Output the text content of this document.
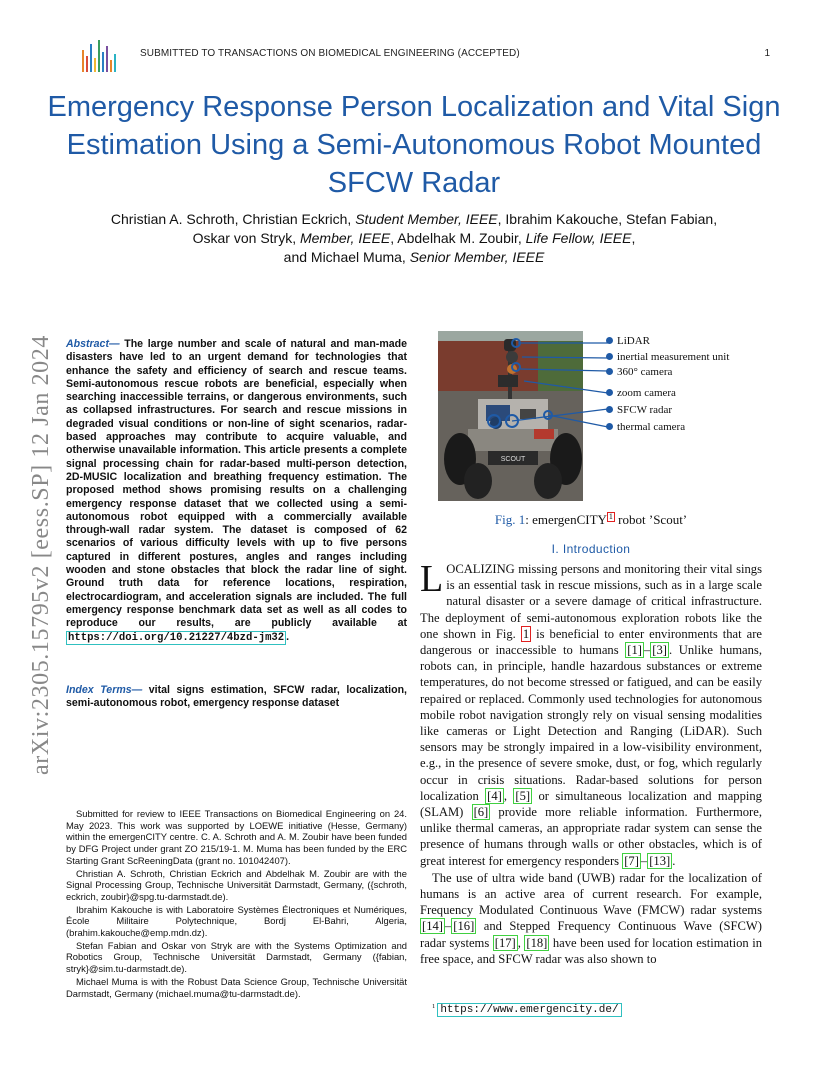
SUBMITTED TO TRANSACTIONS ON BIOMEDICAL ENGINEERING (ACCEPTED)	1
Emergency Response Person Localization and Vital Sign Estimation Using a Semi-Autonomous Robot Mounted SFCW Radar
Christian A. Schroth, Christian Eckrich, Student Member, IEEE, Ibrahim Kakouche, Stefan Fabian,
Oskar von Stryk, Member, IEEE, Abdelhak M. Zoubir, Life Fellow, IEEE,
and Michael Muma, Senior Member, IEEE
arXiv:2305.15795v2 [eess.SP] 12 Jan 2024	Abstract— The large number and scale of natural and man-made disasters have led to an urgent demand for technologies that enhance the safety and efficiency of search and rescue teams. Semi-autonomous rescue robots are beneficial, especially when searching inaccessible terrains, or dangerous environments, such as collapsed infrastructures. For search and rescue missions in degraded visual conditions or non-line of sight scenarios, radar-based approaches may contribute to acquire valuable, and otherwise unavailable information. This article presents a complete signal processing chain for radar-based multi-person detection, 2D-MUSIC localization and breathing frequency estimation. The proposed method shows promising results on a challenging emergency response dataset that we collected using a semi-autonomous robot equipped with a commercially available through-wall radar system. The dataset is composed of 62 scenarios of various difficulty levels with up to five persons captured in different postures, angles and ranges including wooden and stone obstacles that block the radar line of sight. Ground truth data for reference locations, respiration, electrocardiogram, and acceleration signals are included. The full emergency response benchmark data set as well as all codes to reproduce our results, are publicly available at https://doi.org/10.21227/4bzd-jm32 .
Index Terms— vital signs estimation, SFCW radar, localization, semi-autonomous robot, emergency response dataset

Submitted for review to IEEE Transactions on Biomedical Engineering on 24. May 2023. This work was supported by LOEWE initiative (Hesse, Germany) within the emergenCITY centre. C. A. Schroth and A. M. Zoubir have been funded by DFG Project under grant ZO 215/19-1. M. Muma has been funded by the ERC Starting Grant ScReeningData (grant no. 101042407).

Christian A. Schroth, Christian Eckrich and Abdelhak M. Zoubir are with the Signal Processing Group, Technische Universität Darmstadt, Germany, ({schroth, eckrich, zoubir}@spg.tu-darmstadt.de).

Ibrahim Kakouche is with Laboratoire Systèmes Électroniques et Numériques, École Militaire Polytechnique, Bordj El-Bahri, Algeria, (brahim.kakouche@emp.mdn.dz).

Stefan Fabian and Oskar von Stryk are with the Systems Optimization and Robotics Group, Technische Universität Darmstadt, Germany ({fabian, stryk}@sim.tu-darmstadt.de).

Michael Muma is with the Robust Data Science Group, Technische Universität Darmstadt, Germany (michael.muma@tu-darmstadt.de).

SCOUT
LiDAR
inertial measurement unit
360° camera
zoom camera
SFCW radar
thermal camera
Fig. 1: emergenCITY 1 robot ’Scout’
I. Introduction

LOCALIZING missing persons and monitoring their vital sings is an essential task in rescue missions, such as in a large scale natural disaster or a severe damage of critical infrastructure. The deployment of semi-autonomous exploration robots like the one shown in Fig. 1 is beneficial to enter environments that are dangerous or inaccessible to humans [1] – [3] . Unlike humans, robots can, in principle, handle hazardous substances or extreme temperatures, do not become stressed or fatigued, and can be easily repaired or replaced. Commonly used technologies for autonomous mobile robot navigation strongly rely on visual sensing modalities like cameras or Light Detection and Ranging (LiDAR). Such sensors may be strongly impaired in a low-visibility environment, e.g., in the presence of severe smoke, dust, or fog, which regularly occur in crisis situations. Radar-based solutions for person localization [4] , [5] or simultaneous localization and mapping (SLAM) [6] provide more reliable information. Furthermore, unlike thermal cameras, an appropriate radar system can sense the presence of humans through walls or other obstacles, which is of great interest for emergency responders [7] – [13] .

The use of ultra wide band (UWB) radar for the localization of humans is an active area of current research. For example, Frequency Modulated Continuous Wave (FMCW) radar systems [14] – [16] and Stepped Frequency Continuous Wave (SFCW) radar systems [17] , [18] have been used for location estimation in free space, and SFCW radar was also shown to

$^1$ https://www.emergencity.de/
